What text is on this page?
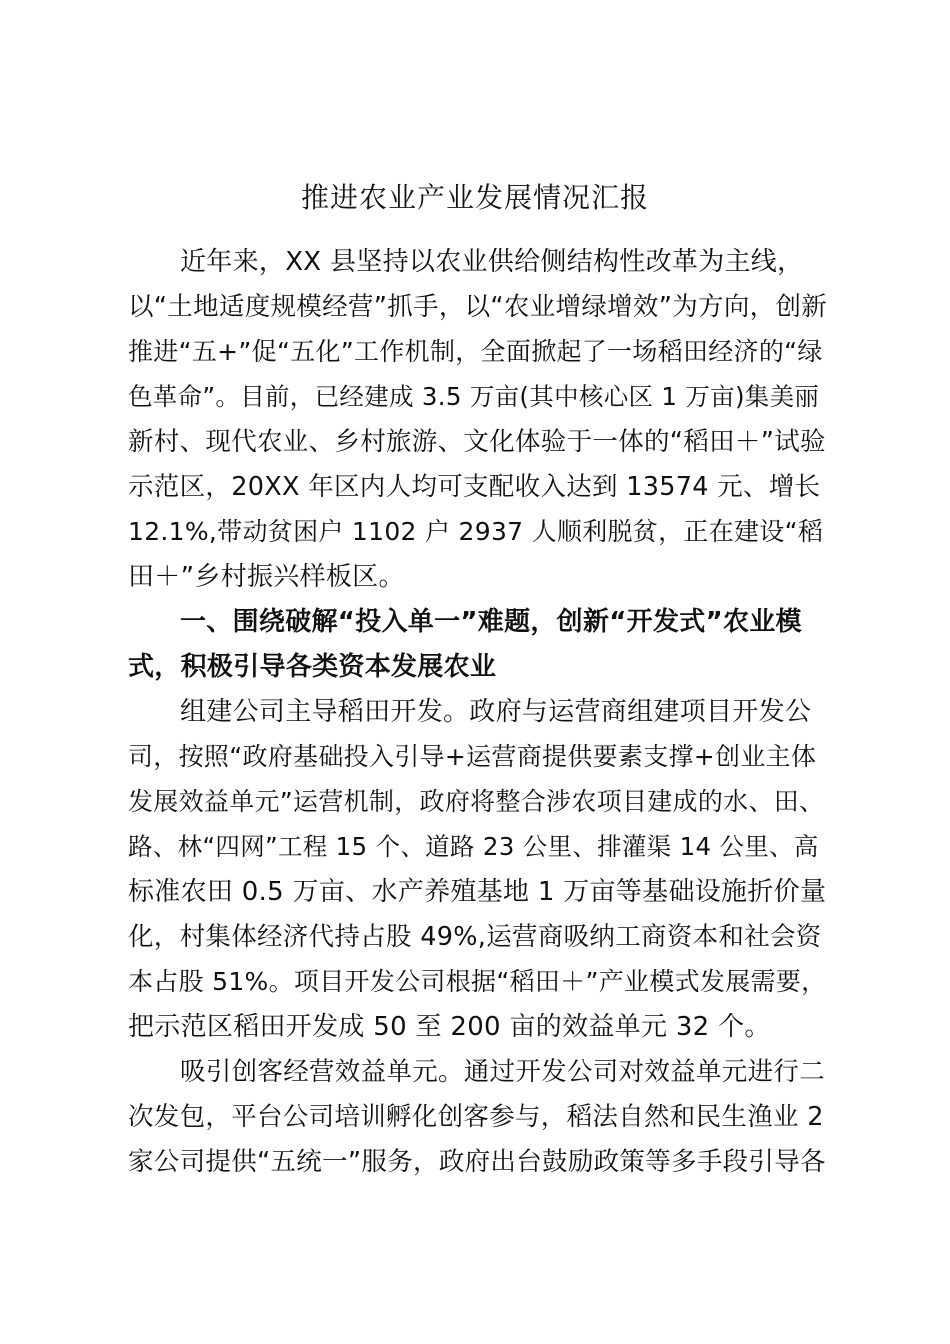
推进农业产业发展情况汇报
近年来，XX 县坚持以农业供给侧结构性改革为主线，
以“土地适度规模经营”抓手，以“农业增绿增效”为方向，创新
推进“五+”促“五化”工作机制，全面掀起了一场稻田经济的“绿
色革命”。目前，已经建成 3.5 万亩(其中核心区 1 万亩)集美丽
新村、现代农业、乡村旅游、文化体验于一体的“稻田＋”试验
示范区，20XX 年区内人均可支配收入达到 13574 元、增长
12.1%,带动贫困户 1102 户 2937 人顺利脱贫，正在建设“稻
田＋”乡村振兴样板区。
一、围绕破解“投入单一”难题，创新“开发式”农业模
式，积极引导各类资本发展农业
组建公司主导稻田开发。政府与运营商组建项目开发公
司，按照“政府基础投入引导+运营商提供要素支撑+创业主体
发展效益单元”运营机制，政府将整合涉农项目建成的水、田、
路、林“四网”工程 15 个、道路 23 公里、排灌渠 14 公里、高
标准农田 0.5 万亩、水产养殖基地 1 万亩等基础设施折价量
化，村集体经济代持占股 49%,运营商吸纳工商资本和社会资
本占股 51%。项目开发公司根据“稻田＋”产业模式发展需要，
把示范区稻田开发成 50 至 200 亩的效益单元 32 个。
吸引创客经营效益单元。通过开发公司对效益单元进行二
次发包，平台公司培训孵化创客参与，稻法自然和民生渔业 2
家公司提供“五统一”服务，政府出台鼓励政策等多手段引导各
